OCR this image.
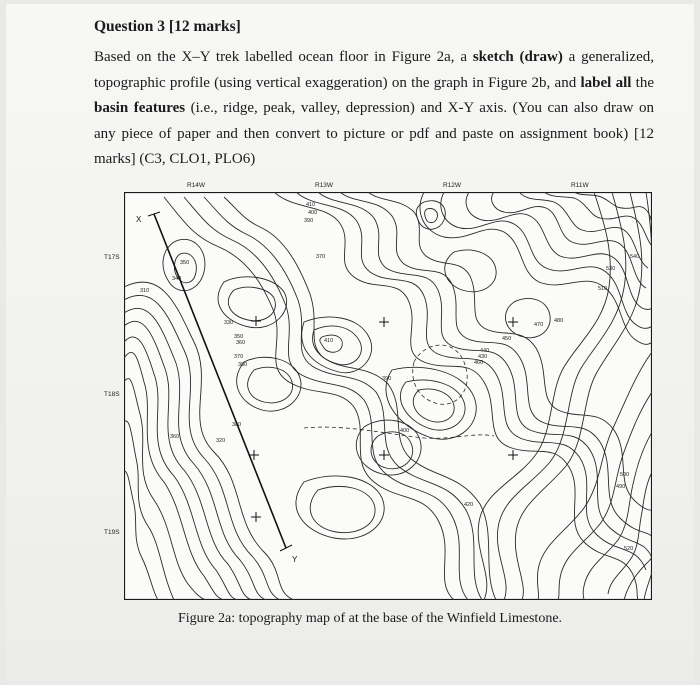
Question 3 [12 marks]

Based on the X–Y trek labelled ocean floor in Figure 2a, a sketch (draw) a generalized, topographic profile (using vertical exaggeration) on the graph in Figure 2b, and label all the basin features (i.e., ridge, peak, valley, depression) and X-Y axis. (You can also draw on any piece of paper and then convert to picture or pdf and paste on assignment book) [12 marks] (C3, CLO1, PLO6)

R14W	R13W	R12W	R11W
T17S
T18S
T19S
X
Y
410
400
390
380
370
360
350
340
330
320
310
350
360
370
380
390
400
410
420
430
440
450
460
470
480
490
500
510
520
530
540
Figure 2a: topography map of at the base of the Winfield Limestone.
